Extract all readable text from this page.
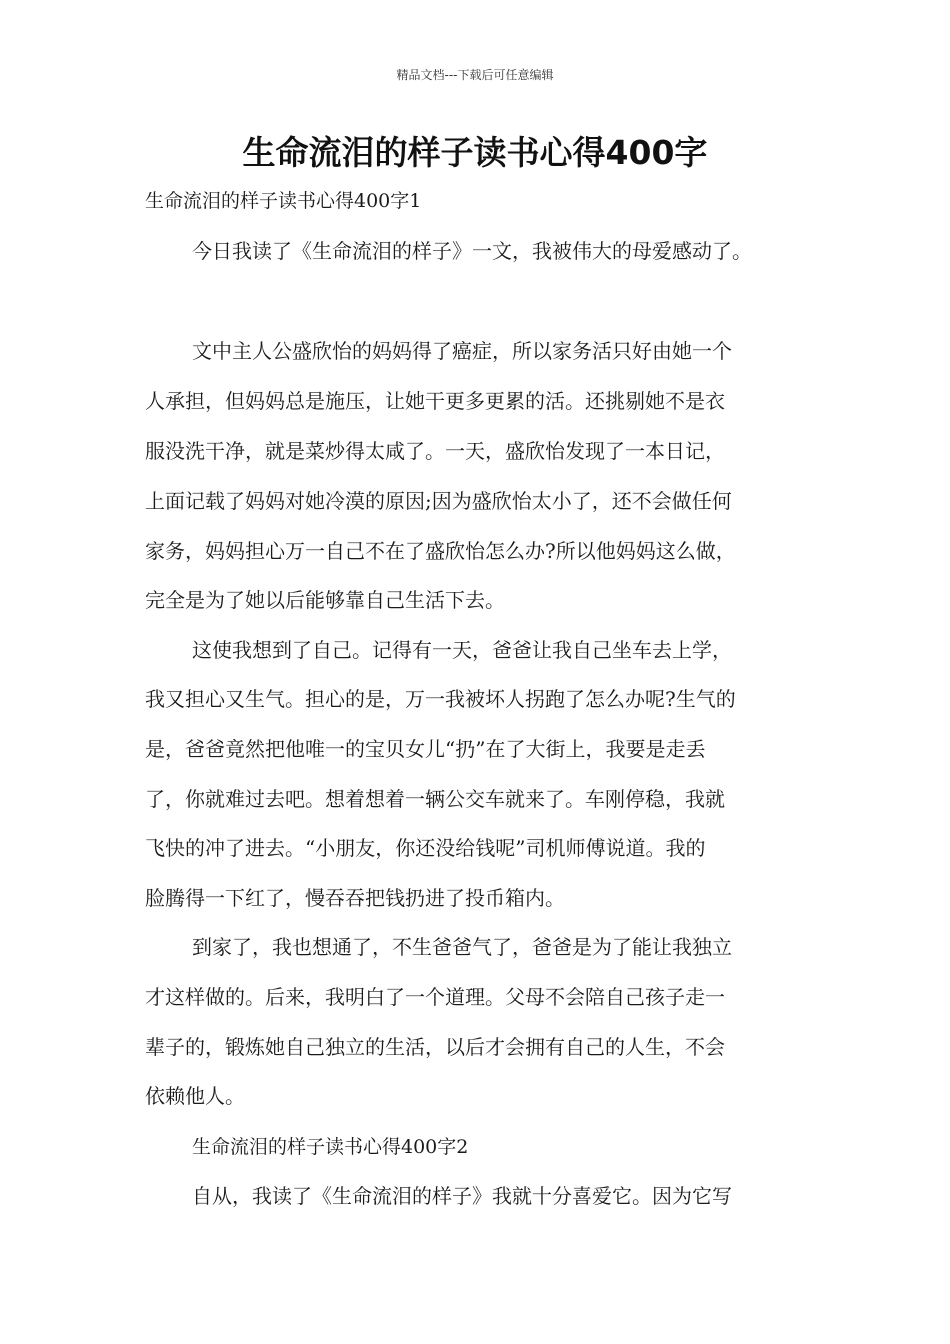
精品文档---下载后可任意编辑
生命流泪的样子读书心得400字
生命流泪的样子读书心得400字1
今日我读了《生命流泪的样子》一文，我被伟大的母爱感动了。
文中主人公盛欣怡的妈妈得了癌症，所以家务活只好由她一个
人承担，但妈妈总是施压，让她干更多更累的活。还挑剔她不是衣
服没洗干净，就是菜炒得太咸了。一天，盛欣怡发现了一本日记，
上面记载了妈妈对她冷漠的原因;因为盛欣怡太小了，还不会做任何
家务，妈妈担心万一自己不在了盛欣怡怎么办?所以他妈妈这么做，
完全是为了她以后能够靠自己生活下去。
这使我想到了自己。记得有一天，爸爸让我自己坐车去上学，
我又担心又生气。担心的是，万一我被坏人拐跑了怎么办呢?生气的
是，爸爸竟然把他唯一的宝贝女儿“扔”在了大街上，我要是走丢
了，你就难过去吧。想着想着一辆公交车就来了。车刚停稳，我就
飞快的冲了进去。“小朋友，你还没给钱呢”司机师傅说道。我的
脸腾得一下红了，慢吞吞把钱扔进了投币箱内。
到家了，我也想通了，不生爸爸气了，爸爸是为了能让我独立
才这样做的。后来，我明白了一个道理。父母不会陪自己孩子走一
辈子的，锻炼她自己独立的生活，以后才会拥有自己的人生，不会
依赖他人。
生命流泪的样子读书心得400字2
自从，我读了《生命流泪的样子》我就十分喜爱它。因为它写
